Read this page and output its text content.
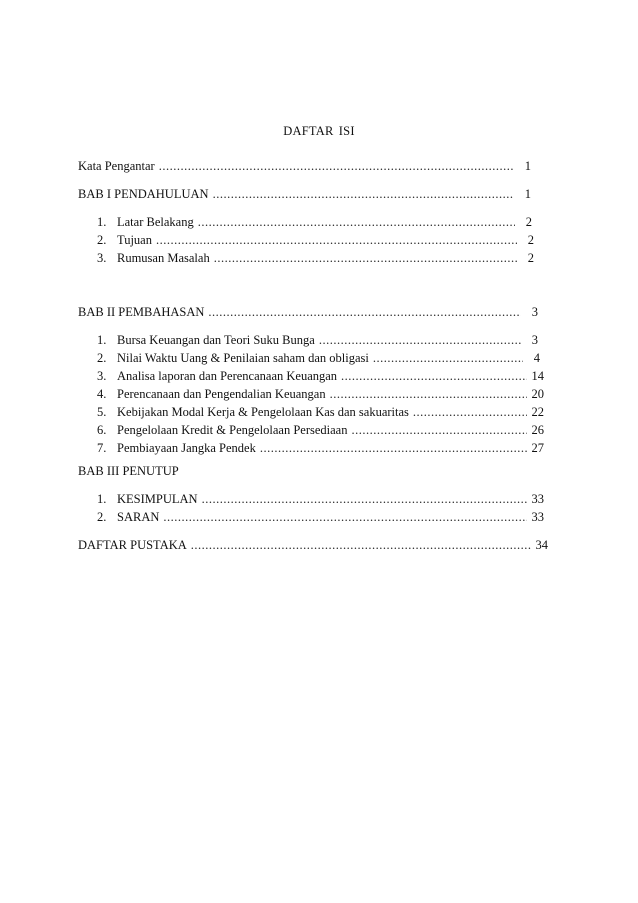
DAFTAR ISI
Kata Pengantar .....	1
BAB I PENDAHULUAN .....	1
1. Latar Belakang .....	2
2. Tujuan .....	2
3. Rumusan Masalah .....	2
BAB II PEMBAHASAN .....	3
1. Bursa Keuangan dan Teori Suku Bunga .....	3
2. Nilai Waktu Uang & Penilaian saham dan obligasi .....	4
3. Analisa laporan dan Perencanaan Keuangan .....	14
4. Perencanaan dan Pengendalian Keuangan .....	20
5. Kebijakan Modal Kerja & Pengelolaan Kas dan sakuaritas .....	22
6. Pengelolaan Kredit & Pengelolaan Persediaan .....	26
7. Pembiayaan Jangka Pendek .....	27
BAB III PENUTUP
1. KESIMPULAN .....	33
2. SARAN .....	33
DAFTAR PUSTAKA .....	34
